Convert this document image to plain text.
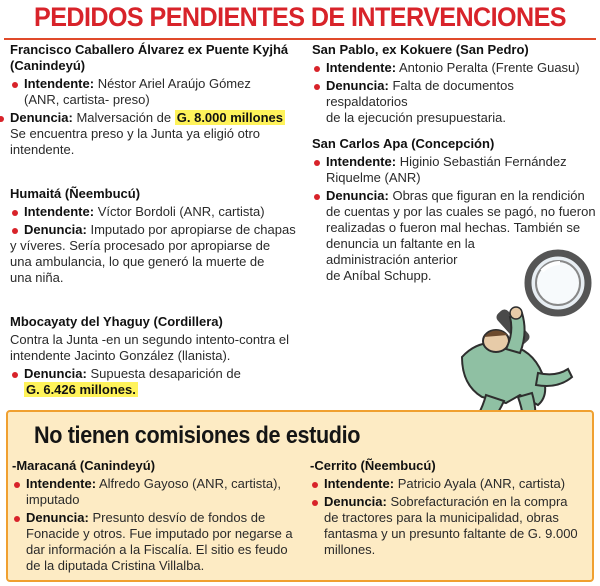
PEDIDOS PENDIENTES DE INTERVENCIONES

Francisco Caballero Álvarez ex Puente Kyjhá
(Canindeyú)

Intendente: Néstor Ariel Araújo Gómez
(ANR, cartista- preso)
Denuncia: Malversación de G. 8.000 millones
Se encuentra preso y la Junta ya eligió otro
intendente.

Humaitá (Ñeembucú)

Intendente: Víctor Bordoli (ANR, cartista)
Denuncia: Imputado por apropiarse de chapas
y víveres. Sería procesado por apropiarse de
una ambulancia, lo que generó la muerte de
una niña.

Mbocayaty del Yhaguy (Cordillera)

Contra la Junta -en un segundo intento-contra el
intendente Jacinto González (llanista).

Denuncia: Supuesta desaparición de
G. 6.426 millones.

San Pablo, ex Kokuere (San Pedro)

Intendente: Antonio Peralta (Frente Guasu)
Denuncia: Falta de documentos respaldatorios
de la ejecución presupuestaria.

San Carlos Apa (Concepción)

Intendente: Higinio Sebastián Fernández
Riquelme (ANR)
Denuncia: Obras que figuran en la rendición
de cuentas y por las cuales se pagó, no fueron
realizadas o fueron mal hechas. También se
denuncia un faltante en la
administración anterior
de Aníbal Schupp.
No tienen comisiones de estudio

-Maracaná (Canindeyú)

Intendente: Alfredo Gayoso (ANR, cartista),
imputado
Denuncia: Presunto desvío de fondos de
Fonacide y otros. Fue imputado por negarse a
dar información a la Fiscalía. El sitio es feudo
de la diputada Cristina Villalba.

-Cerrito (Ñeembucú)

Intendente: Patricio Ayala (ANR, cartista)
Denuncia: Sobrefacturación en la compra
de tractores para la municipalidad, obras
fantasma y un presunto faltante de G. 9.000
millones.
